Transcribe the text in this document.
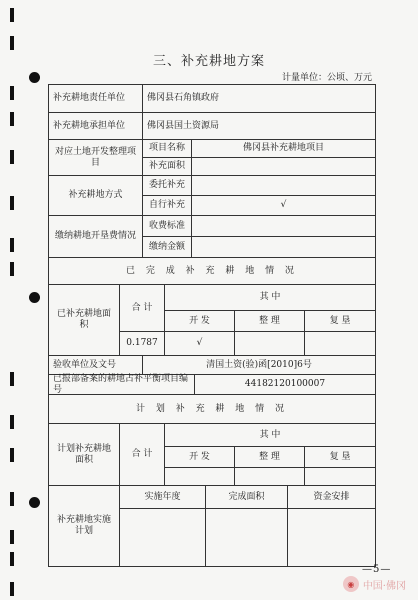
三、补充耕地方案
计量单位：公顷、万元
补充耕地责任单位	佛冈县石角镇政府
补充耕地承担单位	佛冈县国土资源局
对应土地开发整理项目
项目名称	佛冈县补充耕地项目
补充面积
补充耕地方式
委托补充
自行补充	√
缴纳耕地开垦费情况
收费标准
缴纳金额
已 完 成 补 充 耕 地 情 况
已补充耕地面积
合 计
其 中
开 发	整 理	复 垦
0.1787	√
验收单位及文号	清国土资(验)函[2010]6号
已报部备案的耕地占补平衡项目编号
44182120100007
计 划 补 充 耕 地 情 况
计划补充耕地面积
合 计
其 中
开 发	整 理	复 垦
补充耕地实施计划
实施年度	完成面积	资金安排
—5—
◉ 中国·佛冈
